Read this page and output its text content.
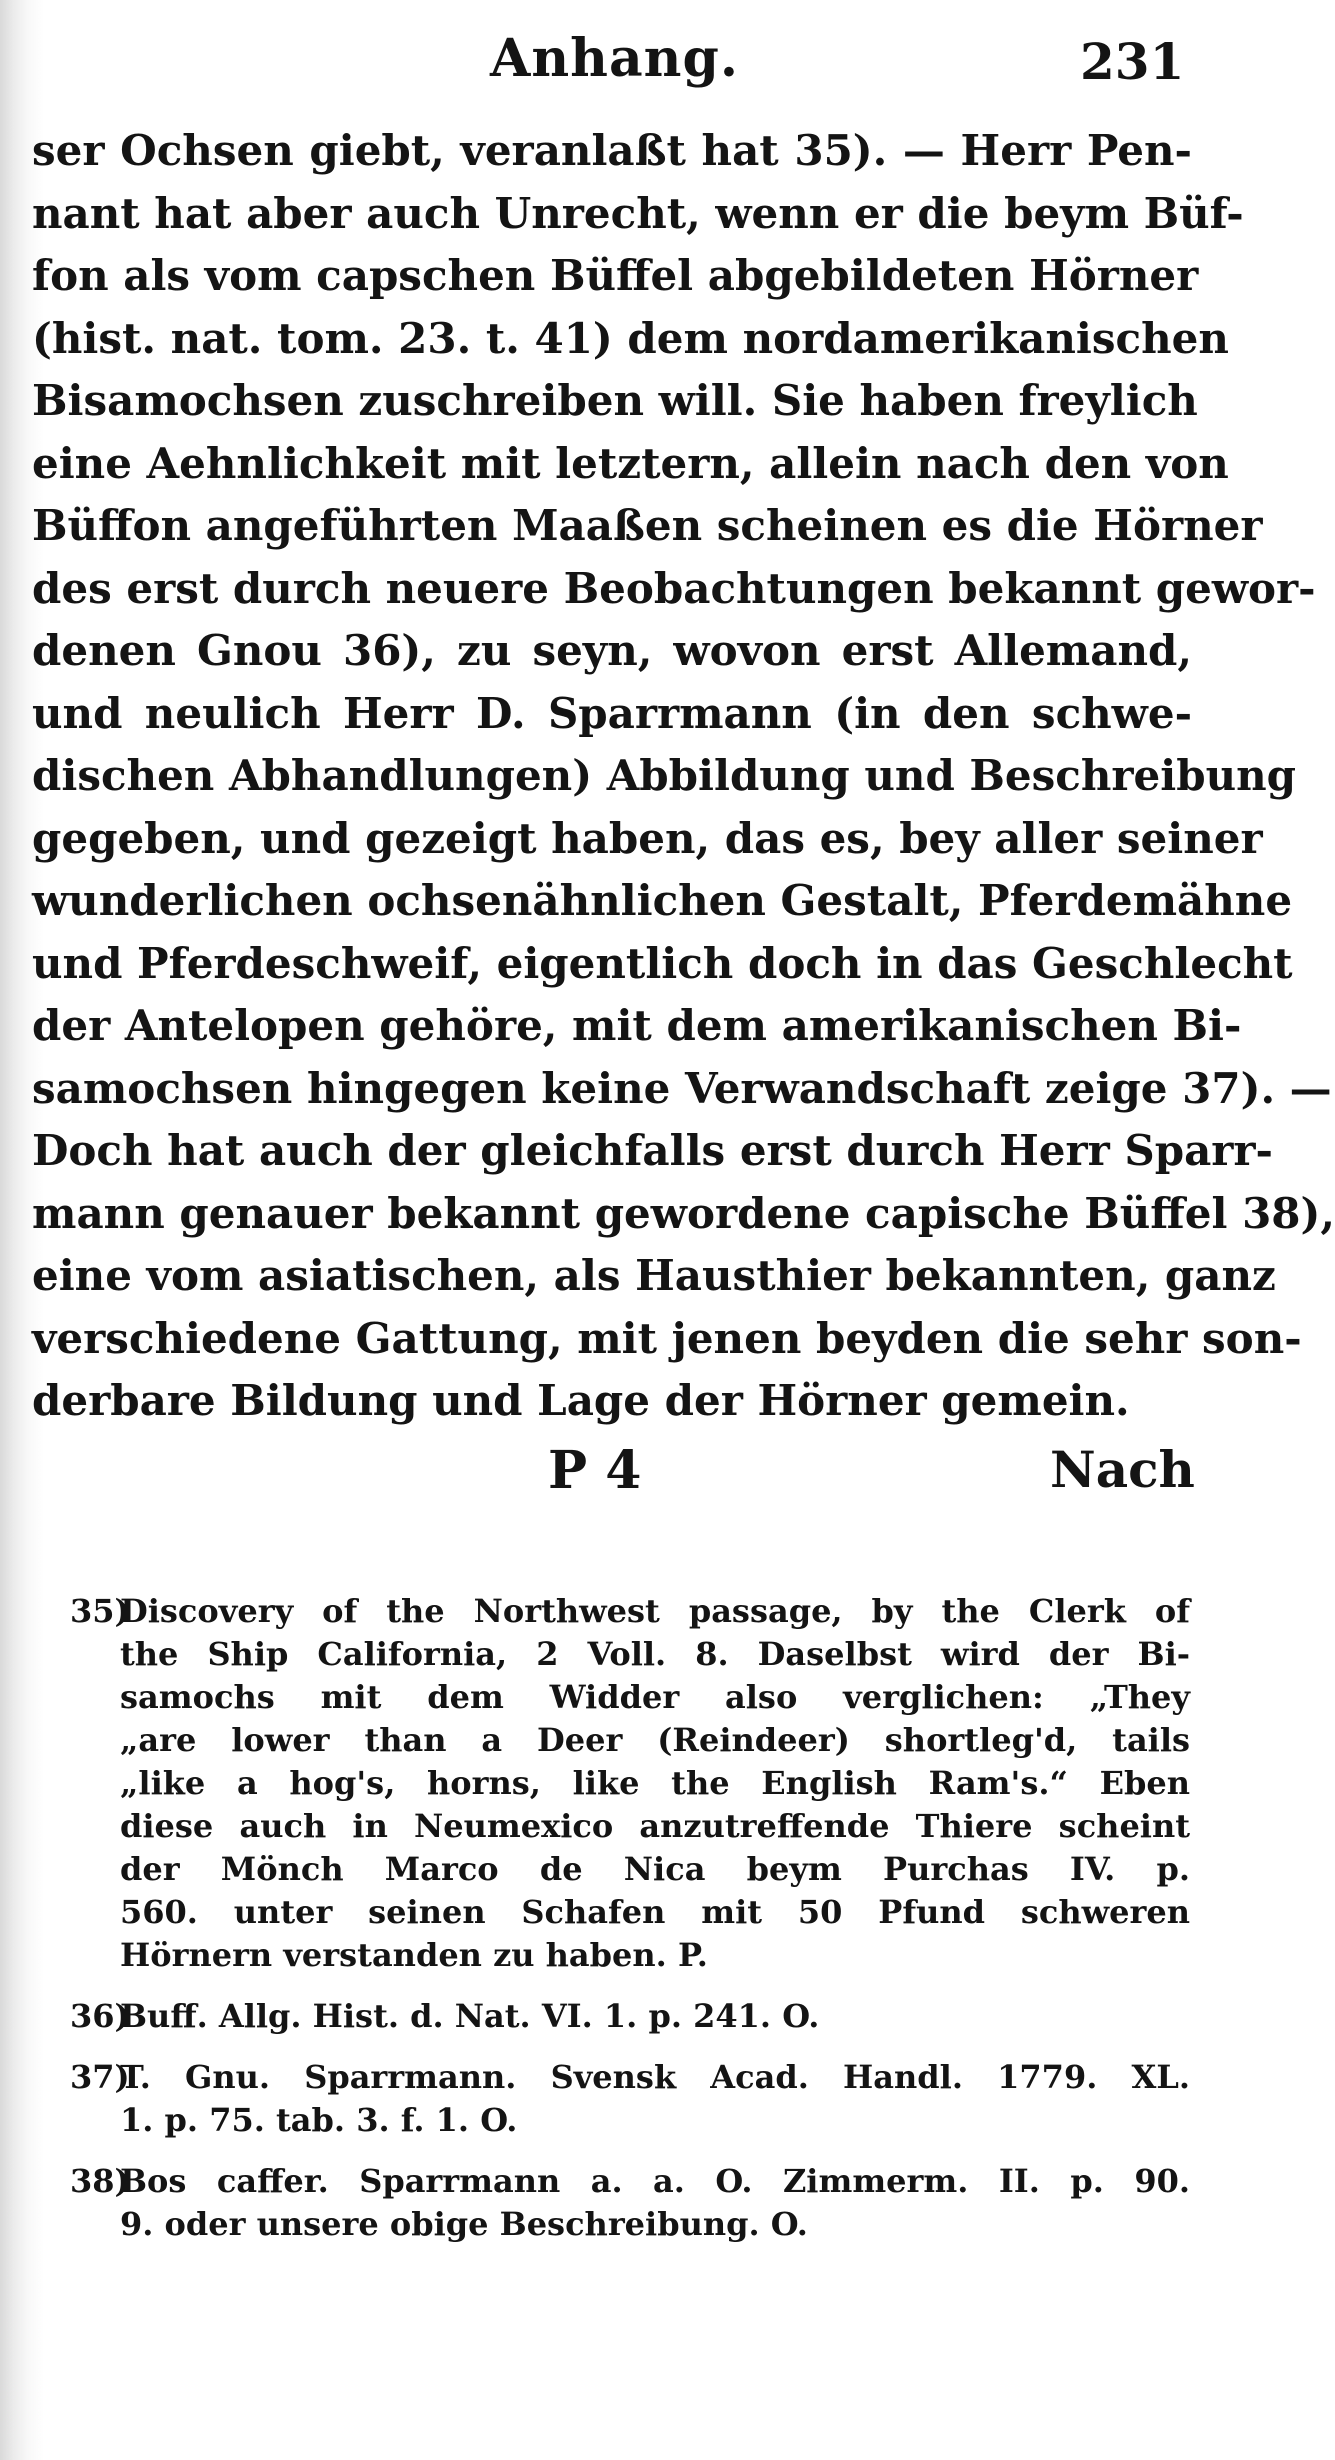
Anhang.	231
ser Ochsen giebt, veranlaßt hat 35). — Herr Pen-
nant hat aber auch Unrecht, wenn er die beym Büf-
fon als vom capschen Büffel abgebildeten Hörner
(hist. nat. tom. 23. t. 41) dem nordamerikanischen
Bisamochsen zuschreiben will. Sie haben freylich
eine Aehnlichkeit mit letztern, allein nach den von
Büffon angeführten Maaßen scheinen es die Hörner
des erst durch neuere Beobachtungen bekannt gewor-
denen Gnou 36), zu seyn, wovon erst Allemand,
und neulich Herr D. Sparrmann (in den schwe-
dischen Abhandlungen) Abbildung und Beschreibung
gegeben, und gezeigt haben, das es, bey aller seiner
wunderlichen ochsenähnlichen Gestalt, Pferdemähne
und Pferdeschweif, eigentlich doch in das Geschlecht
der Antelopen gehöre, mit dem amerikanischen Bi-
samochsen hingegen keine Verwandschaft zeige 37). —
Doch hat auch der gleichfalls erst durch Herr Sparr-
mann genauer bekannt gewordene capische Büffel 38),
eine vom asiatischen, als Hausthier bekannten, ganz
verschiedene Gattung, mit jenen beyden die sehr son-
derbare Bildung und Lage der Hörner gemein.
P 4	Nach
35)Discovery of the Northwest passage, by the Clerk of
the Ship California, 2 Voll. 8. Daselbst wird der Bi-
samochs mit dem Widder also verglichen: „They
„are lower than a Deer (Reindeer) shortleg'd, tails
„like a hog's, horns, like the English Ram's.“ Eben
diese auch in Neumexico anzutreffende Thiere scheint
der Mönch Marco de Nica beym Purchas IV. p.
560. unter seinen Schafen mit 50 Pfund schweren
Hörnern verstanden zu haben. P.
36)Buff. Allg. Hist. d. Nat. VI. 1. p. 241. O.
37)T. Gnu. Sparrmann. Svensk Acad. Handl. 1779. XL.
1. p. 75. tab. 3. f. 1. O.
38)Bos caffer. Sparrmann a. a. O. Zimmerm. II. p. 90.
9. oder unsere obige Beschreibung. O.
